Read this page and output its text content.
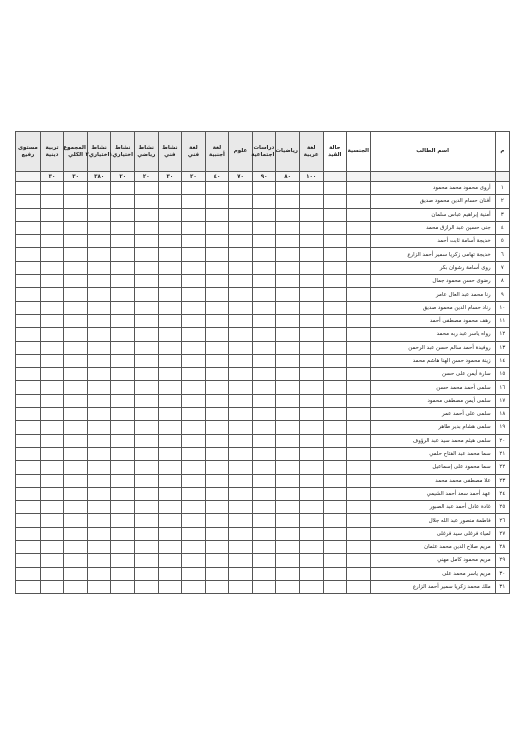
م	اسم الطالب	الجنسية	حالة القيد	لغة عربية	رياضيات	دراسات اجتماعية	علوم	لغة أجنبية	لغة فني	نشاط فني	نشاط رياضي	نشاط اختياري١	نشاط اختياري٢	المجموع الكلي	تربية دينية	مستوى رفيع

				١٠٠	٨٠	٩٠	٧٠	٤٠	٢٠	٣٠	٢٠	٢٠	٣٨٠	٣٠	٣٠	
١	أروى محمود محمد محمود															
٢	أفنان حسام الدين محمود صديق															
٣	أمنية إبراهيم عباس سلمان															
٤	جنى حسين عبد الرازق محمد															
٥	خديجة أسامة ثابت أحمد															
٦	خديجة تهامى زكريا سمير أحمد الزارع															
٧	روى أسامة رشوان بكر															
٨	رضوى حسن محمود جمال															
٩	رنا محمد عبد العال عامر															
١٠	رناد حسام الدين محمود صديق															
١١	رهف محمود مصطفى أحمد															
١٢	رواه ياسر عبد ربه محمد															
١٣	روفيدة أحمد سالم حسن عبد الرحمن															
١٤	زينة محمود حسن الهنا هاشم محمد															
١٥	سارة أيمن على حسن															
١٦	سلمى أحمد محمد حسن															
١٧	سلمى أيمن مصطفى محمود															
١٨	سلمى على أحمد عمر															
١٩	سلمى هشام بدير طاهر															
٢٠	سلمى هيثم محمد سيد عبد الرؤوف															
٢١	سما محمد عبد الفتاح حلمي															
٢٢	سما محمود على إسماعيل															
٢٣	علا مصطفى محمد محمد															
٢٤	عهد أحمد سعد أحمد الشيمي															
٢٥	غادة عادل أحمد عبد الصبور															
٢٦	فاطمة منصور عبد الله جلال															
٢٧	لمياء فرغلى سيد فرغلى															
٢٨	مريم صلاح الدين محمد عثمان															
٢٩	مريم محمود كامل مهني															
٣٠	مريم ياسر محمد على															
٣١	ملك محمد زكريا سمير أحمد الزارع															
